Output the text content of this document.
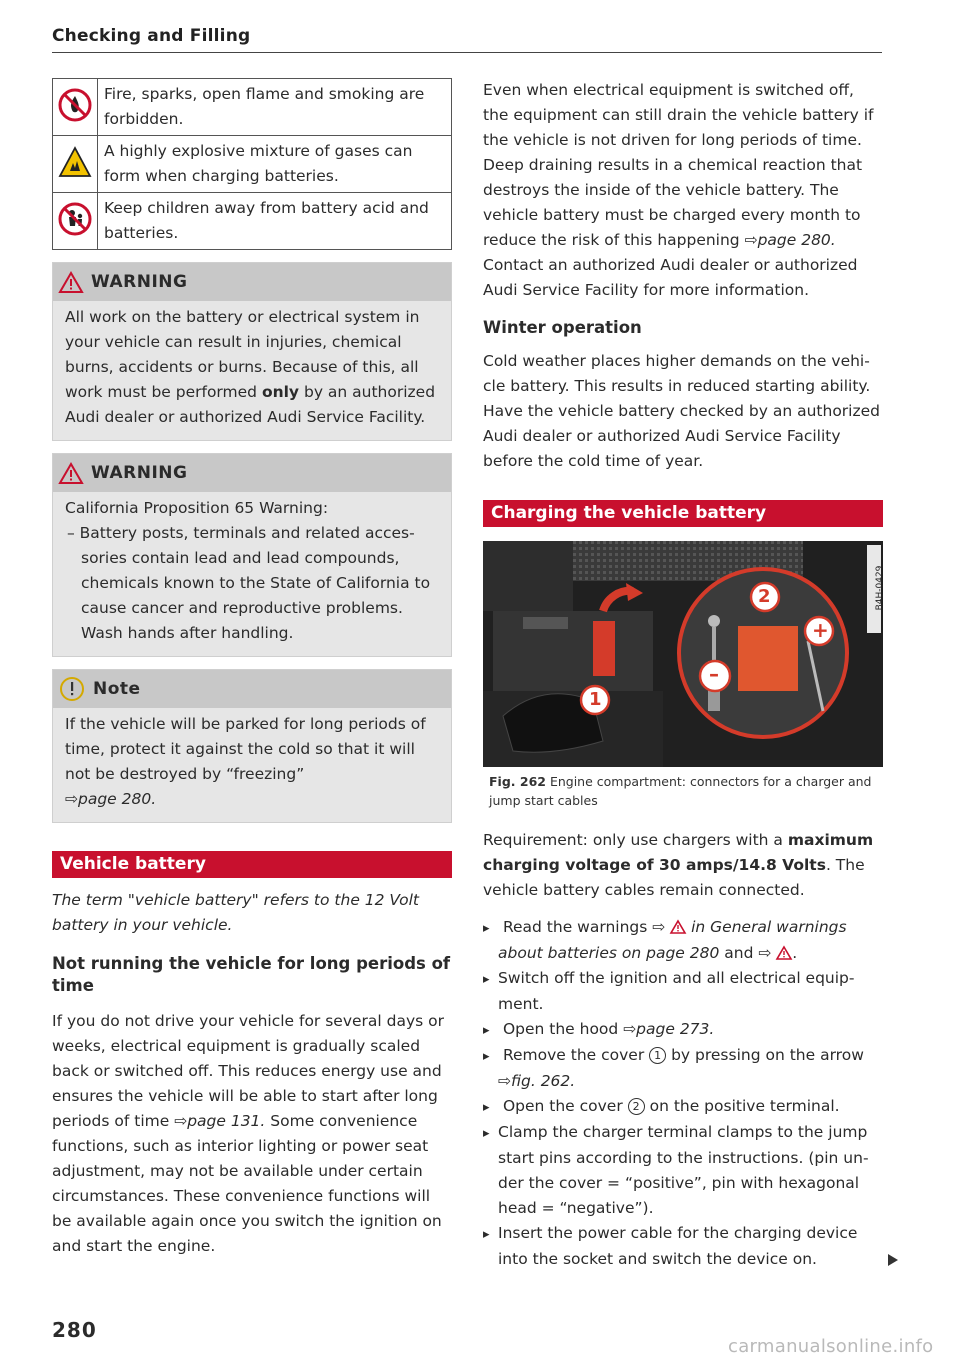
Checking and Filling
	Fire, sparks, open flame and smoking are forbidden.
	A highly explosive mixture of gases can form when charging batteries.
	Keep children away from battery acid and batteries.
WARNING
All work on the battery or electrical system in your vehicle can result in injuries, chemical burns, accidents or burns. Because of this, all work must be performed only by an authorized Audi dealer or authorized Audi Service Facility.
WARNING
California Proposition 65 Warning:
– Battery posts, terminals and related accessories contain lead and lead compounds, chemicals known to the State of California to cause cancer and reproductive problems. Wash hands after handling.
Note
If the vehicle will be parked for long periods of time, protect it against the cold so that it will not be destroyed by “freezing”
⇨page 280.
Vehicle battery
The term "vehicle battery" refers to the 12 Volt battery in your vehicle.
Not running the vehicle for long periods of time
If you do not drive your vehicle for several days or weeks, electrical equipment is gradually scaled back or switched off. This reduces energy use and ensures the vehicle will be able to start after long periods of time ⇨page 131. Some convenience functions, such as interior lighting or power seat adjustment, may not be available under certain circumstances. These convenience functions will be available again once you switch the ignition on and start the engine.
Even when electrical equipment is switched off, the equipment can still drain the vehicle battery if the vehicle is not driven for long periods of time. Deep draining results in a chemical reaction that destroys the inside of the vehicle battery. The vehicle battery must be charged every month to reduce the risk of this happening ⇨page 280. Contact an authorized Audi dealer or authorized Audi Service Facility for more information.
Winter operation
Cold weather places higher demands on the vehicle battery. This results in reduced starting ability. Have the vehicle battery checked by an authorized Audi dealer or authorized Audi Service Facility before the cold time of year.
Charging the vehicle battery
2
1
+
–
B4H-0429
Fig. 262 Engine compartment: connectors for a charger and jump start cables
Requirement: only use chargers with a maximum charging voltage of 30 amps/14.8 Volts. The vehicle battery cables remain connected.
▸ Read the warnings ⇨  in General warnings about batteries on page 280 and ⇨ .
▸ Switch off the ignition and all electrical equipment.
▸ Open the hood ⇨page 273.
▸ Remove the cover 1 by pressing on the arrow ⇨fig. 262.
▸ Open the cover 2 on the positive terminal.
▸ Clamp the charger terminal clamps to the jump start pins according to the instructions. (pin under the cover = “positive”, pin with hexagonal head = “negative”).
▸ Insert the power cable for the charging device into the socket and switch the device on.
280
carmanualsonline.info
